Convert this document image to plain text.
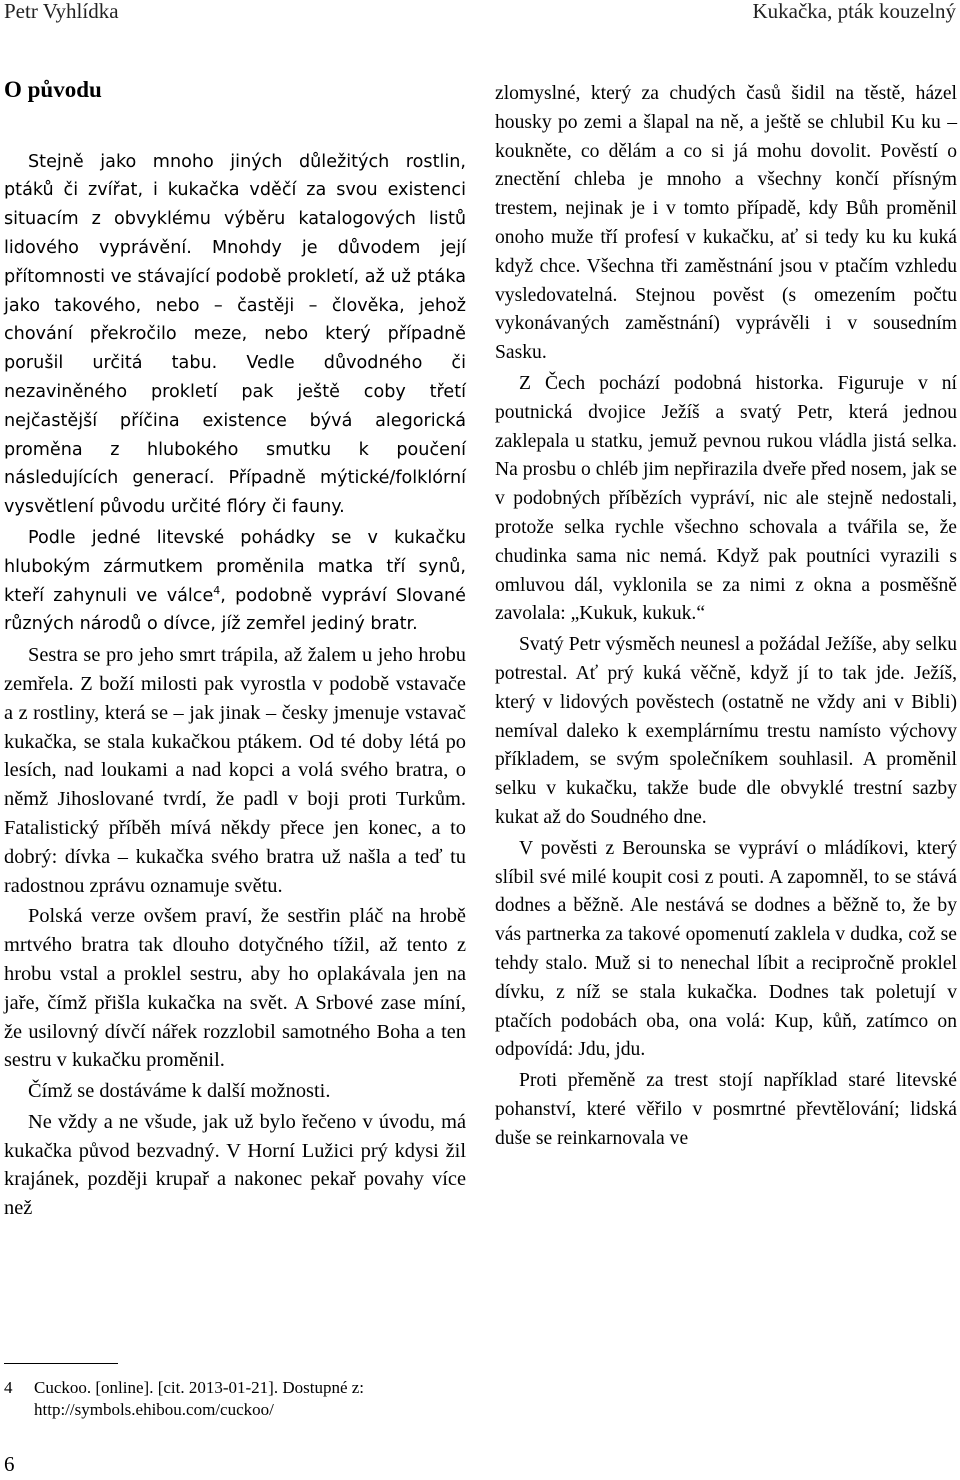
Petr Vyhlídka	Kukačka, pták kouzelný
O původu

Stejně jako mnoho jiných důležitých rostlin, ptáků či zvířat, i kukačka vděčí za svou existenci situacím z obvyklému výběru katalogových listů lidového vyprávění. Mnohdy je důvodem její přítomnosti ve stávající podobě prokletí, až už ptáka jako takového, nebo – častěji – člověka, jehož chování překročilo meze, nebo který případně porušil určitá tabu. Vedle důvodného či nezaviněného prokletí pak ještě coby třetí nejčastější příčina existence bývá alegorická proměna z hlubokého smutku k poučení následujících generací. Případně mýtické/folklórní vysvětlení původu určité flóry či fauny.

Podle jedné litevské pohádky se v kukačku hlubokým zármutkem proměnila matka tří synů, kteří zahynuli ve válce$^4$, podobně vypráví Slované různých národů o dívce, jíž zemřel jediný bratr.

Sestra se pro jeho smrt trápila, až žalem u jeho hrobu zemřela. Z boží milosti pak vyrostla v podobě vstavače a z rostliny, která se – jak jinak – česky jmenuje vstavač kukačka, se stala kukačkou ptákem. Od té doby létá po lesích, nad loukami a nad kopci a volá svého bratra, o němž Jihoslované tvrdí, že padl v boji proti Turkům. Fatalistický příběh mívá někdy přece jen konec, a to dobrý: dívka – kukačka svého bratra už našla a teď tu radostnou zprávu oznamuje světu.

Polská verze ovšem praví, že sestřin pláč na hrobě mrtvého bratra tak dlouho dotyčného tížil, až tento z hrobu vstal a proklel sestru, aby ho oplakávala jen na jaře, čímž přišla kukačka na svět. A Srbové zase míní, že usilovný dívčí nářek rozzlobil samotného Boha a ten sestru v kukačku proměnil.

Čímž se dostáváme k další možnosti.

Ne vždy a ne všude, jak už bylo řečeno v úvodu, má kukačka původ bezvadný. V Horní Lužici prý kdysi žil krajánek, později krupař a nakonec pekař povahy více než

zlomyslné, který za chudých časů šidil na těstě, házel housky po zemi a šlapal na ně, a ještě se chlubil Ku ku – koukněte, co dělám a co si já mohu dovolit. Pověstí o znectění chleba je mnoho a všechny končí přísným trestem, nejinak je i v tomto případě, kdy Bůh proměnil onoho muže tří profesí v kukačku, ať si tedy ku ku kuká když chce. Všechna tři zaměstnání jsou v ptačím vzhledu vysledovatelná. Stejnou pověst (s omezením počtu vykonávaných zaměstnání) vyprávěli i v sousedním Sasku.

Z Čech pochází podobná historka. Figuruje v ní poutnická dvojice Ježíš a svatý Petr, která jednou zaklepala u statku, jemuž pevnou rukou vládla jistá selka. Na prosbu o chléb jim nepřirazila dveře před nosem, jak se v podobných příbězích vypráví, nic ale stejně nedostali, protože selka rychle všechno schovala a tvářila se, že chudinka sama nic nemá. Když pak poutníci vyrazili s omluvou dál, vyklonila se za nimi z okna a posměšně zavolala: „Kukuk, kukuk.“

Svatý Petr výsměch neunesl a požádal Ježíše, aby selku potrestal. Ať prý kuká věčně, když jí to tak jde. Ježíš, který v lidových pověstech (ostatně ne vždy ani v Bibli) nemíval daleko k exemplárnímu trestu namísto výchovy příkladem, se svým společníkem souhlasil. A proměnil selku v kukačku, takže bude dle obvyklé trestní sazby kukat až do Soudného dne.

V pověsti z Berounska se vypráví o mládíkovi, který slíbil své milé koupit cosi z pouti. A zapomněl, to se stává dodnes a běžně. Ale nestává se dodnes a běžně to, že by vás partnerka za takové opomenutí zaklela v dudka, což se tehdy stalo. Muž si to nenechal líbit a recipročně proklel dívku, z níž se stala kukačka. Dodnes tak poletují v ptačích podobách oba, ona volá: Kup, kůň, zatímco on odpovídá: Jdu, jdu.

Proti přeměně za trest stojí například staré litevské pohanství, které věřilo v posmrtné převtělování; lidská duše se reinkarnovala ve

4 Cuckoo. [online]. [cit. 2013-01-21]. Dostupné z:
http://symbols.ehibou.com/cuckoo/
6
